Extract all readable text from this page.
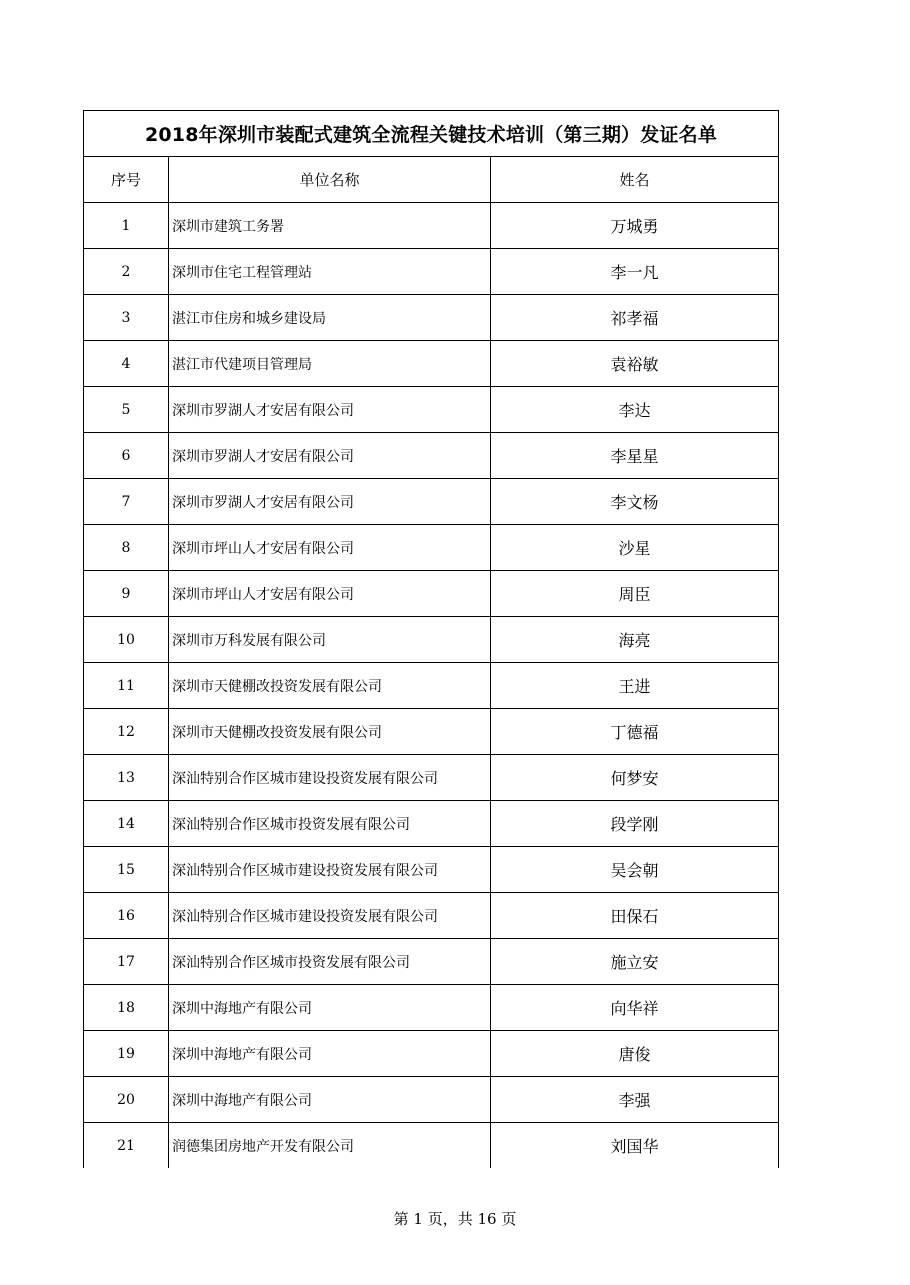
2018年深圳市装配式建筑全流程关键技术培训（第三期）发证名单		
序号	单位名称	姓名
1	深圳市建筑工务署	万城勇
2	深圳市住宅工程管理站	李一凡
3	湛江市住房和城乡建设局	祁孝福
4	湛江市代建项目管理局	袁裕敏
5	深圳市罗湖人才安居有限公司	李达
6	深圳市罗湖人才安居有限公司	李星星
7	深圳市罗湖人才安居有限公司	李文杨
8	深圳市坪山人才安居有限公司	沙星
9	深圳市坪山人才安居有限公司	周臣
10	深圳市万科发展有限公司	海亮
11	深圳市天健棚改投资发展有限公司	王进
12	深圳市天健棚改投资发展有限公司	丁德福
13	深汕特别合作区城市建设投资发展有限公司	何梦安
14	深汕特别合作区城市投资发展有限公司	段学刚
15	深汕特别合作区城市建设投资发展有限公司	吴会朝
16	深汕特别合作区城市建设投资发展有限公司	田保石
17	深汕特别合作区城市投资发展有限公司	施立安
18	深圳中海地产有限公司	向华祥
19	深圳中海地产有限公司	唐俊
20	深圳中海地产有限公司	李强
21	润德集团房地产开发有限公司	刘国华
第 1 页，共 16 页
